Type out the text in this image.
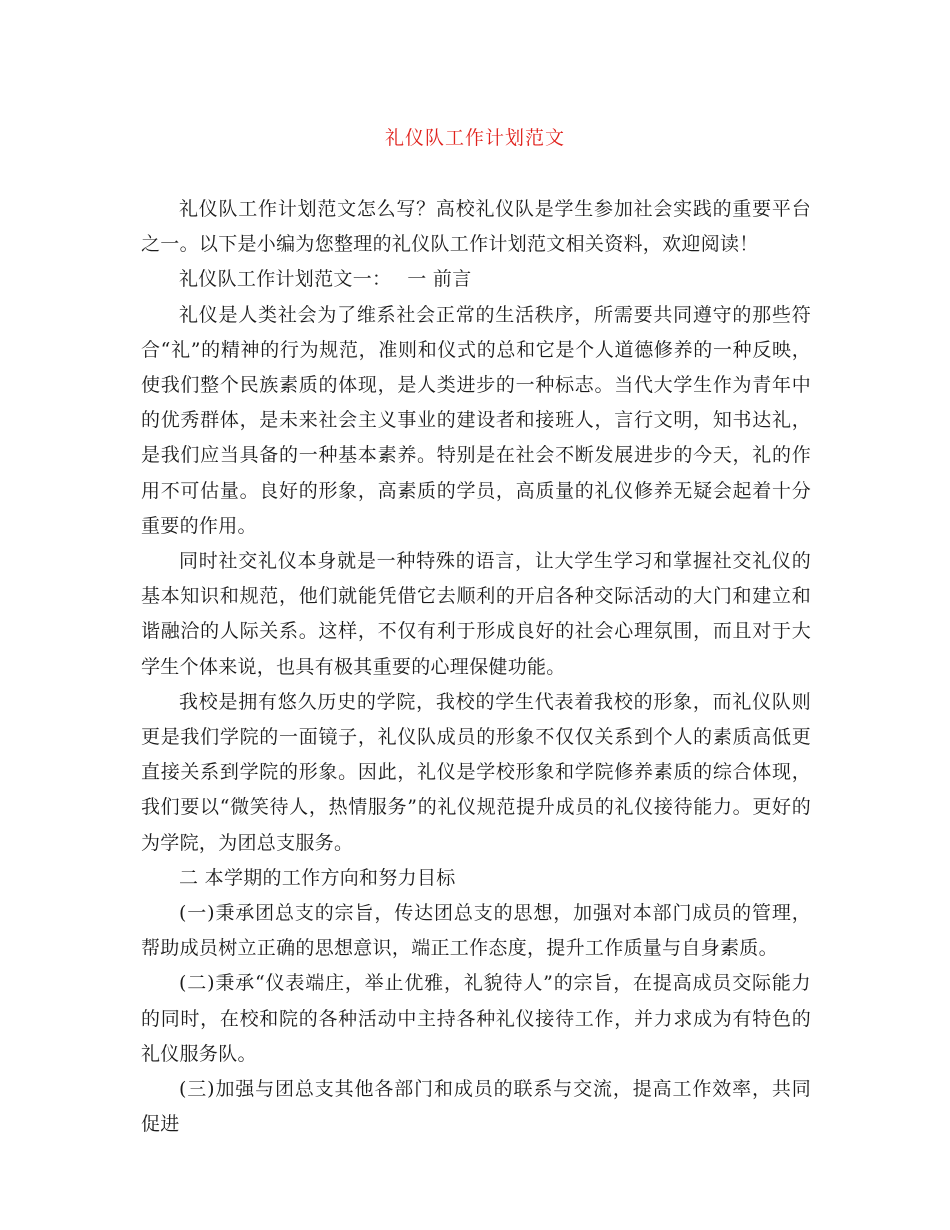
礼仪队工作计划范文

礼仪队工作计划范文怎么写？高校礼仪队是学生参加社会实践的重要平台之一。以下是小编为您整理的礼仪队工作计划范文相关资料，欢迎阅读！

礼仪队工作计划范文一：	一 前言

礼仪是人类社会为了维系社会正常的生活秩序，所需要共同遵守的那些符合“礼”的精神的行为规范，准则和仪式的总和它是个人道德修养的一种反映，使我们整个民族素质的体现，是人类进步的一种标志。当代大学生作为青年中的优秀群体，是未来社会主义事业的建设者和接班人，言行文明，知书达礼，是我们应当具备的一种基本素养。特别是在社会不断发展进步的今天，礼的作用不可估量。良好的形象，高素质的学员，高质量的礼仪修养无疑会起着十分重要的作用。

同时社交礼仪本身就是一种特殊的语言，让大学生学习和掌握社交礼仪的基本知识和规范，他们就能凭借它去顺利的开启各种交际活动的大门和建立和谐融洽的人际关系。这样，不仅有利于形成良好的社会心理氛围，而且对于大学生个体来说，也具有极其重要的心理保健功能。

我校是拥有悠久历史的学院，我校的学生代表着我校的形象，而礼仪队则更是我们学院的一面镜子，礼仪队成员的形象不仅仅关系到个人的素质高低更直接关系到学院的形象。因此，礼仪是学校形象和学院修养素质的综合体现，我们要以“微笑待人，热情服务”的礼仪规范提升成员的礼仪接待能力。更好的为学院，为团总支服务。

二 本学期的工作方向和努力目标

(一)秉承团总支的宗旨，传达团总支的思想，加强对本部门成员的管理，帮助成员树立正确的思想意识，端正工作态度，提升工作质量与自身素质。

(二)秉承“仪表端庄，举止优雅，礼貌待人”的宗旨，在提高成员交际能力的同时，在校和院的各种活动中主持各种礼仪接待工作，并力求成为有特色的礼仪服务队。

(三)加强与团总支其他各部门和成员的联系与交流，提高工作效率，共同促进
